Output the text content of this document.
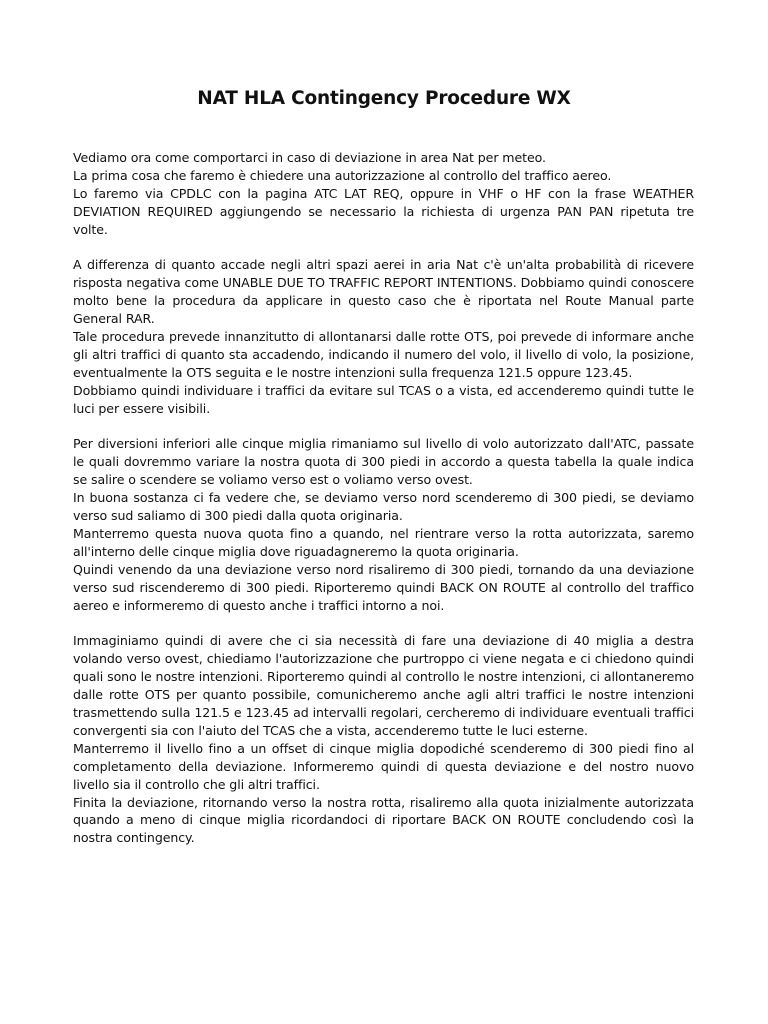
NAT HLA Contingency Procedure WX

Vediamo ora come comportarci in caso di deviazione in area Nat per meteo.

La prima cosa che faremo è chiedere una autorizzazione al controllo del traffico aereo.

Lo faremo via CPDLC con la pagina ATC LAT REQ, oppure in VHF o HF con la frase WEATHER DEVIATION REQUIRED aggiungendo se necessario la richiesta di urgenza PAN PAN ripetuta tre volte.

A differenza di quanto accade negli altri spazi aerei in aria Nat c'è un'alta probabilità di ricevere risposta negativa come UNABLE DUE TO TRAFFIC REPORT INTENTIONS. Dobbiamo quindi conoscere molto bene la procedura da applicare in questo caso che è riportata nel Route Manual parte General RAR.

Tale procedura prevede innanzitutto di allontanarsi dalle rotte OTS, poi prevede di informare anche gli altri traffici di quanto sta accadendo, indicando il numero del volo, il livello di volo, la posizione, eventualmente la OTS seguita e le nostre intenzioni sulla frequenza 121.5 oppure 123.45.

Dobbiamo quindi individuare i traffici da evitare sul TCAS o a vista, ed accenderemo quindi tutte le luci per essere visibili.

Per diversioni inferiori alle cinque miglia rimaniamo sul livello di volo autorizzato dall'ATC, passate le quali dovremmo variare la nostra quota di 300 piedi in accordo a questa tabella la quale indica se salire o scendere se voliamo verso est o voliamo verso ovest.

In buona sostanza ci fa vedere che, se deviamo verso nord scenderemo di 300 piedi, se deviamo verso sud saliamo di 300 piedi dalla quota originaria.

Manterremo questa nuova quota fino a quando, nel rientrare verso la rotta autorizzata, saremo all'interno delle cinque miglia dove riguadagneremo la quota originaria.

Quindi venendo da una deviazione verso nord risaliremo di 300 piedi, tornando da una deviazione verso sud riscenderemo di 300 piedi. Riporteremo quindi BACK ON ROUTE al controllo del traffico aereo e informeremo di questo anche i traffici intorno a noi.

Immaginiamo quindi di avere che ci sia necessità di fare una deviazione di 40 miglia a destra volando verso ovest, chiediamo l'autorizzazione che purtroppo ci viene negata e ci chiedono quindi quali sono le nostre intenzioni. Riporteremo quindi al controllo le nostre intenzioni, ci allontaneremo dalle rotte OTS per quanto possibile, comunicheremo anche agli altri traffici le nostre intenzioni trasmettendo sulla 121.5 e 123.45 ad intervalli regolari, cercheremo di individuare eventuali traffici convergenti sia con l'aiuto del TCAS che a vista, accenderemo tutte le luci esterne.

Manterremo il livello fino a un offset di cinque miglia dopodiché scenderemo di 300 piedi fino al completamento della deviazione. Informeremo quindi di questa deviazione e del nostro nuovo livello sia il controllo che gli altri traffici.

Finita la deviazione, ritornando verso la nostra rotta, risaliremo alla quota inizialmente autorizzata quando a meno di cinque miglia ricordandoci di riportare BACK ON ROUTE concludendo così la nostra contingency.
